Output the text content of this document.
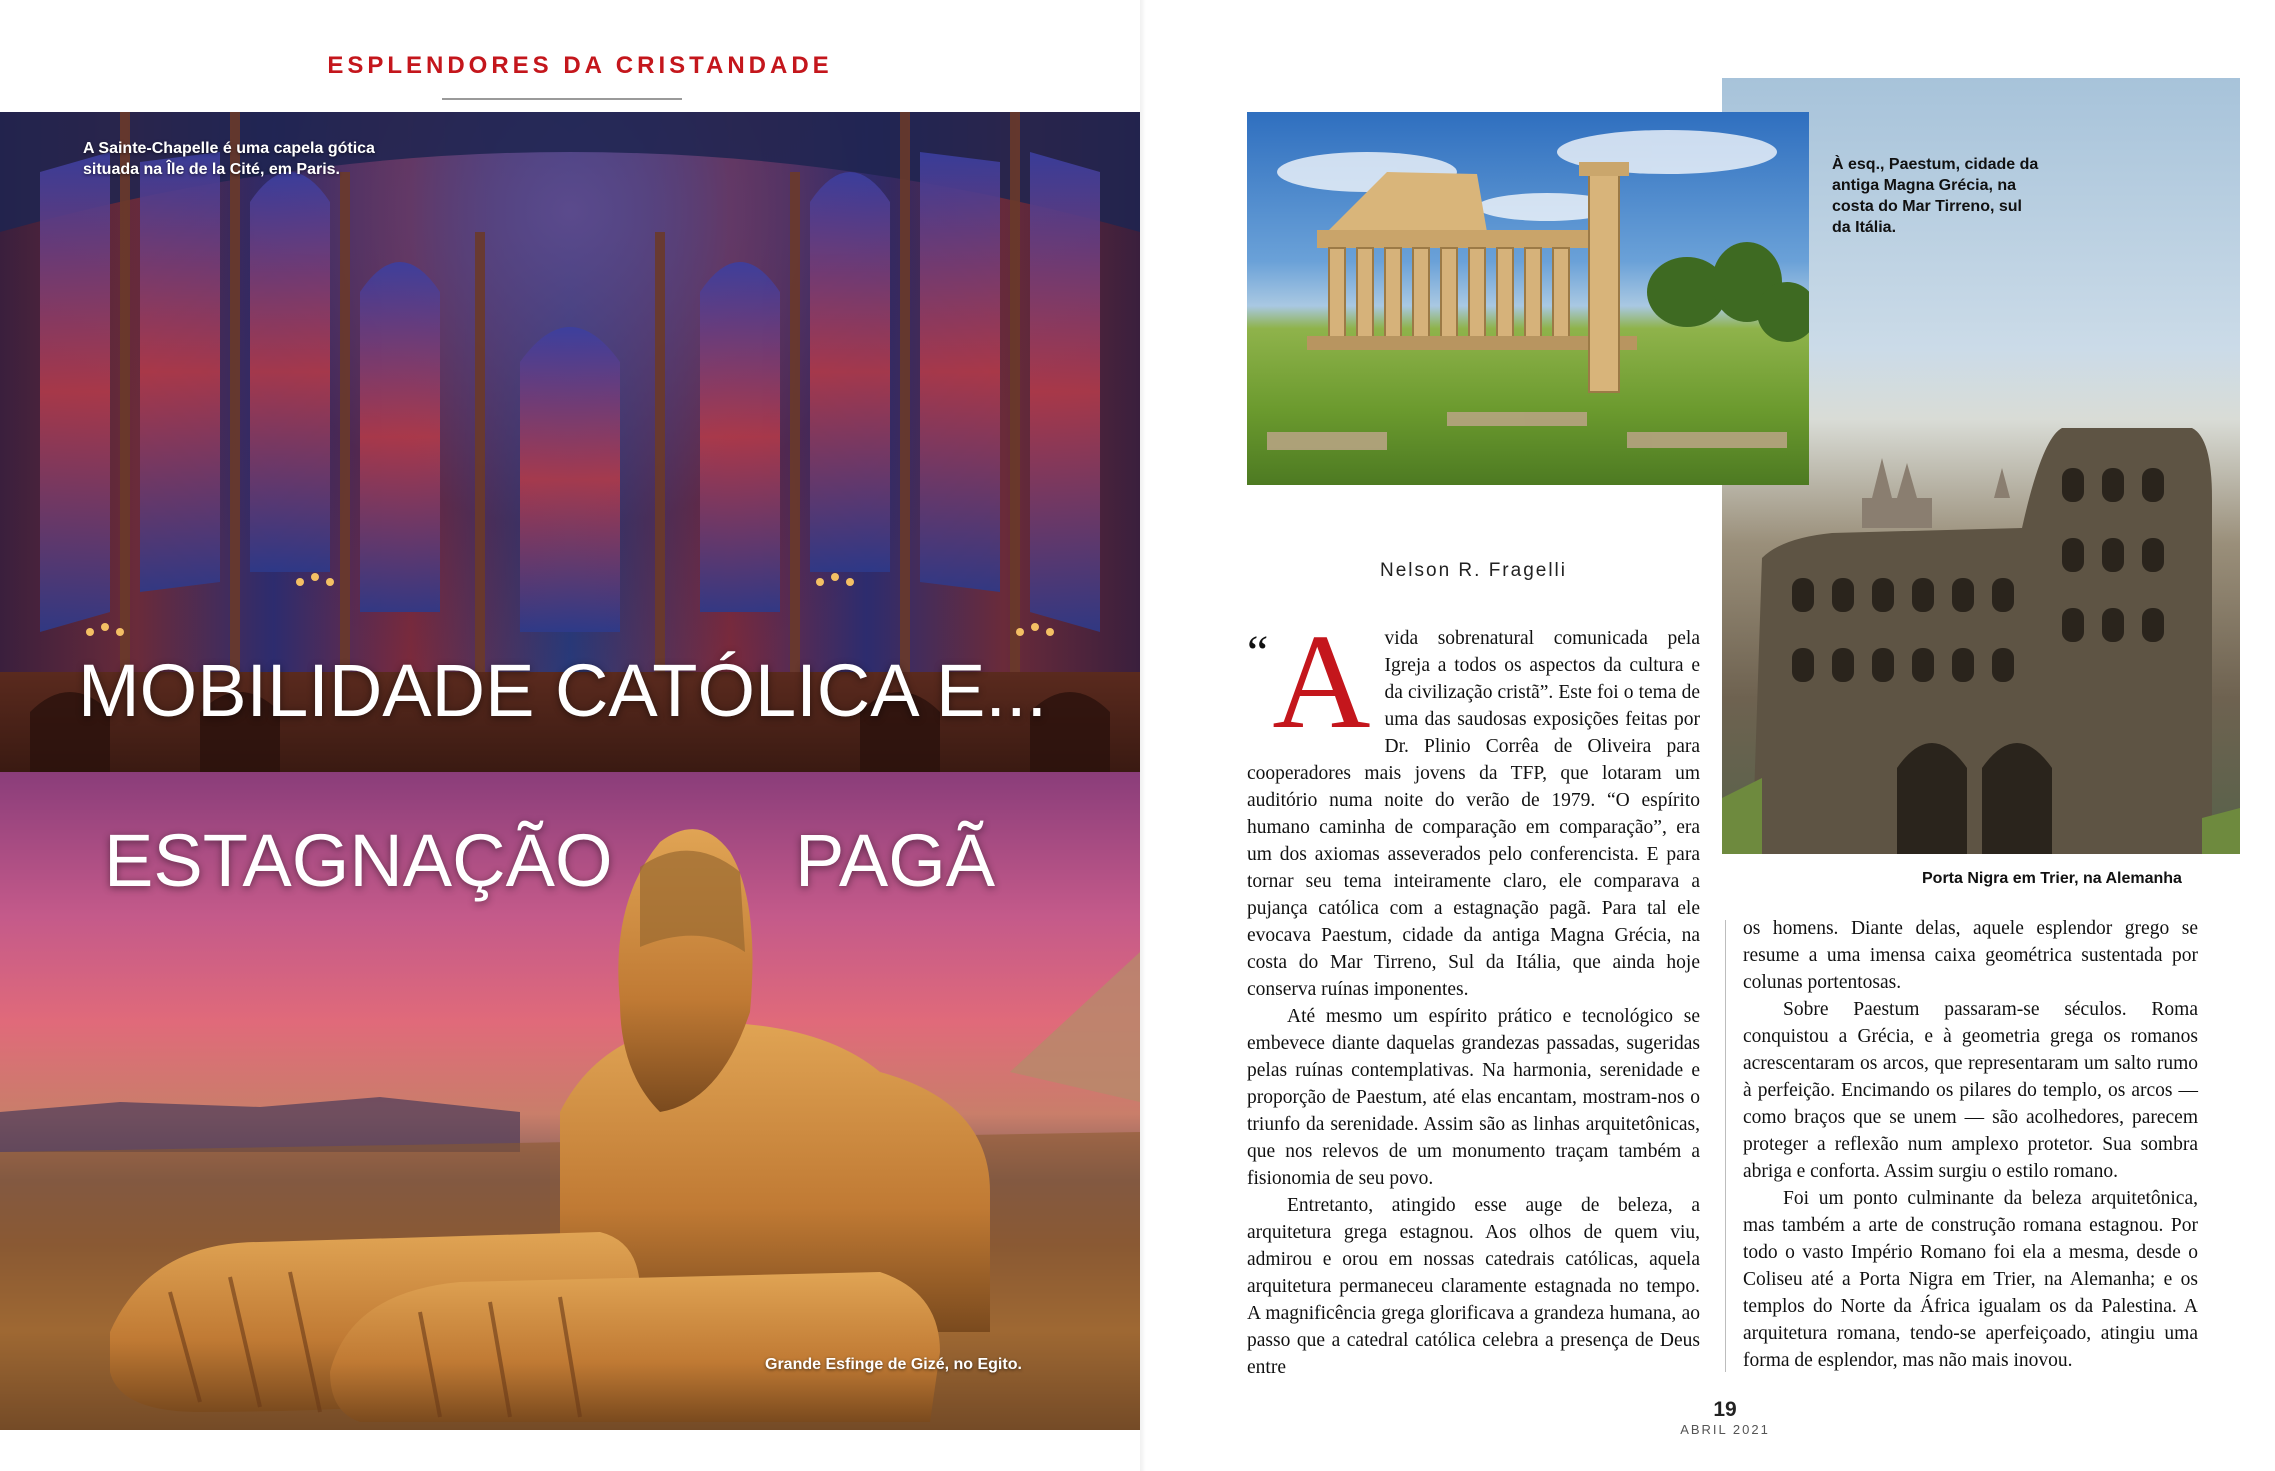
ESPLENDORES DA CRISTANDADE
A Sainte-Chapelle é uma capela gótica situada na Île de la Cité, em Paris.
MOBILIDADE CATÓLICA E...
ESTAGNAÇÃO PAGÃ
Grande Esfinge de Gizé, no Egito.
À esq., Paestum, cidade da antiga Magna Grécia, na costa do Mar Tirreno, sul da Itália.
Porta Nigra em Trier, na Alemanha
Nelson R. Fragelli

“ A vida sobrenatural comunicada pela Igreja a todos os aspectos da cultura e da civilização cristã”. Este foi o tema de uma das saudosas exposições feitas por Dr. Plinio Corrêa de Oliveira para cooperadores mais jovens da TFP, que lotaram um auditório numa noite do verão de 1979. “O espírito humano caminha de comparação em comparação”, era um dos axiomas asseverados pelo conferencista. E para tornar seu tema inteiramente claro, ele comparava a pujança católica com a estagnação pagã. Para tal ele evocava Paestum, cidade da antiga Magna Grécia, na costa do Mar Tirreno, Sul da Itália, que ainda hoje conserva ruínas imponentes.

Até mesmo um espírito prático e tecnológico se embevece diante daquelas grandezas passadas, sugeridas pelas ruínas contemplativas. Na harmonia, serenidade e proporção de Paestum, até elas encantam, mostram-nos o triunfo da serenidade. Assim são as linhas arquitetônicas, que nos relevos de um monumento traçam também a fisionomia de seu povo.

Entretanto, atingido esse auge de beleza, a arquitetura grega estagnou. Aos olhos de quem viu, admirou e orou em nossas catedrais católicas, aquela arquitetura permaneceu claramente estagnada no tempo. A magnificência grega glorificava a grandeza humana, ao passo que a catedral católica celebra a presença de Deus entre

os homens. Diante delas, aquele esplendor grego se resume a uma imensa caixa geométrica sustentada por colunas portentosas.

Sobre Paestum passaram-se séculos. Roma conquistou a Grécia, e à geometria grega os romanos acrescentaram os arcos, que representaram um salto rumo à perfeição. Encimando os pilares do templo, os arcos — como braços que se unem — são acolhedores, parecem proteger a reflexão num amplexo protetor. Sua sombra abriga e conforta. Assim surgiu o estilo romano.

Foi um ponto culminante da beleza arquitetônica, mas também a arte de construção romana estagnou. Por todo o vasto Império Romano foi ela a mesma, desde o Coliseu até a Porta Nigra em Trier, na Alemanha; e os templos do Norte da África igualam os da Palestina. A arquitetura romana, tendo-se aperfeiçoado, atingiu uma forma de esplendor, mas não mais inovou.

19
ABRIL 2021
